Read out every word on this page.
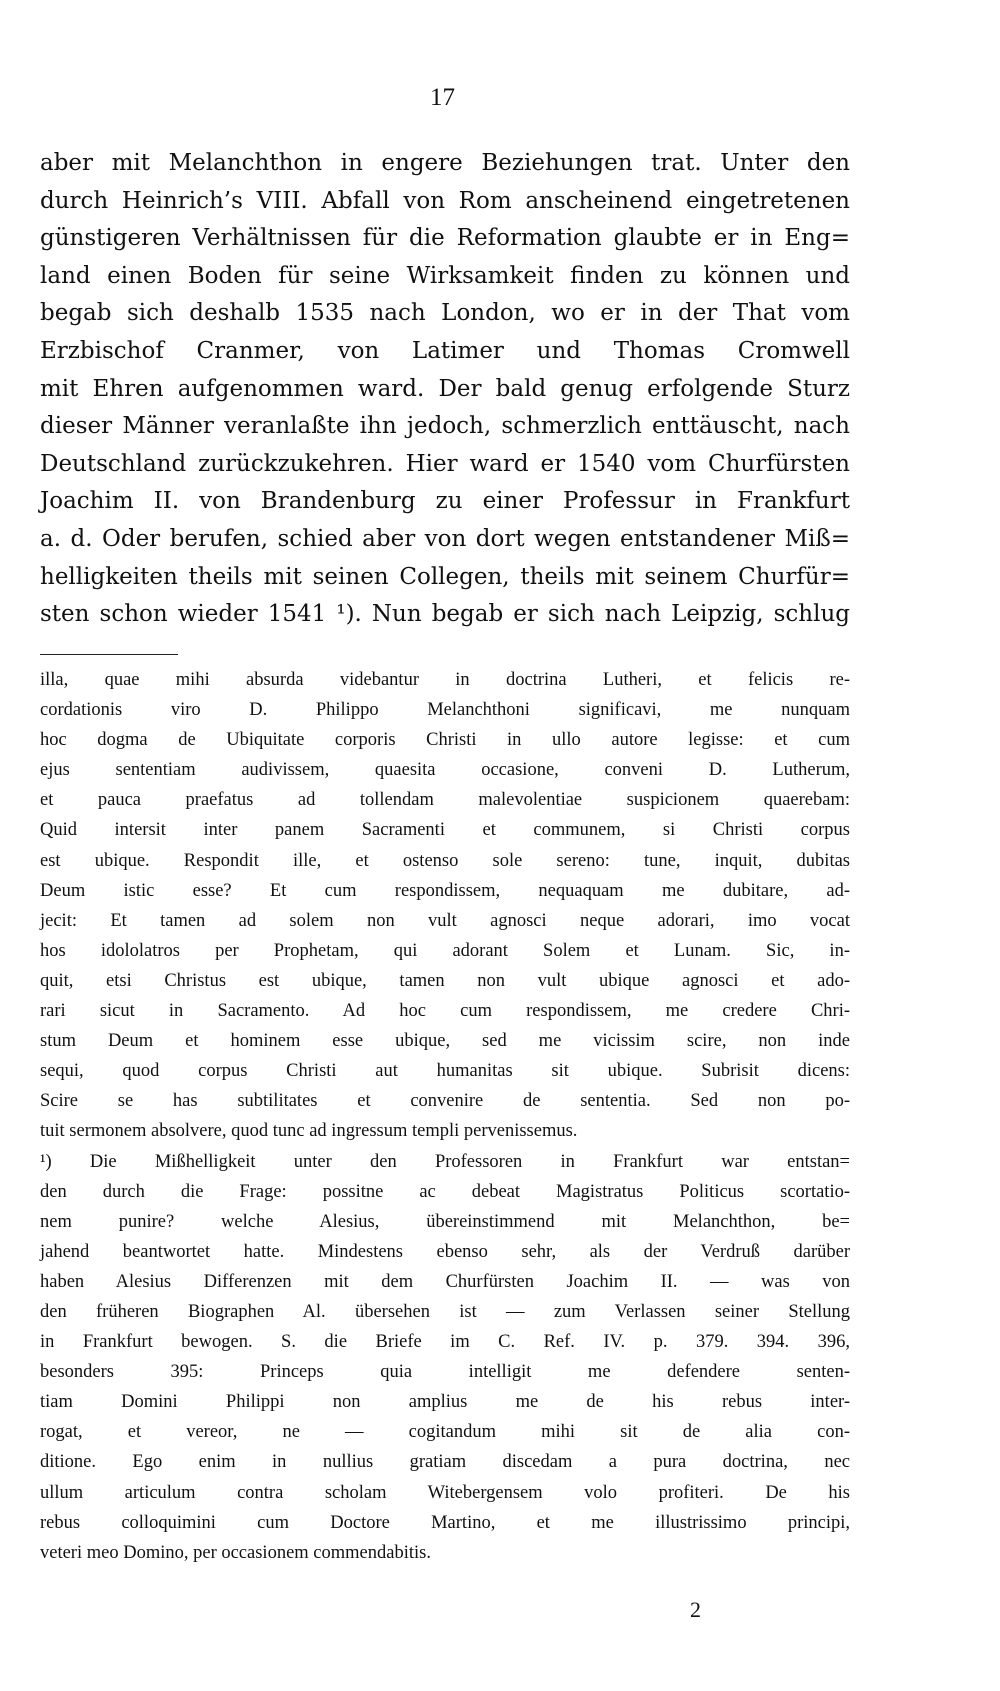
17
aber mit Melanchthon in engere Beziehungen trat. Unter den
durch Heinrich’s VIII. Abfall von Rom anscheinend eingetretenen
günstigeren Verhältnissen für die Reformation glaubte er in Eng=
land einen Boden für seine Wirksamkeit finden zu können und
begab sich deshalb 1535 nach London, wo er in der That vom
Erzbischof Cranmer, von Latimer und Thomas Cromwell
mit Ehren aufgenommen ward. Der bald genug erfolgende Sturz
dieser Männer veranlaßte ihn jedoch, schmerzlich enttäuscht, nach
Deutschland zurückzukehren. Hier ward er 1540 vom Churfürsten
Joachim II. von Brandenburg zu einer Professur in Frankfurt
a. d. Oder berufen, schied aber von dort wegen entstandener Miß=
helligkeiten theils mit seinen Collegen, theils mit seinem Churfür=
sten schon wieder 1541 ¹). Nun begab er sich nach Leipzig, schlug
illa, quae mihi absurda videbantur in doctrina Lutheri, et felicis re-
cordationis viro D. Philippo Melanchthoni significavi, me nunquam
hoc dogma de Ubiquitate corporis Christi in ullo autore legisse: et cum
ejus sententiam audivissem, quaesita occasione, conveni D. Lutherum,
et pauca praefatus ad tollendam malevolentiae suspicionem quaerebam:
Quid intersit inter panem Sacramenti et communem, si Christi corpus
est ubique. Respondit ille, et ostenso sole sereno: tune, inquit, dubitas
Deum istic esse? Et cum respondissem, nequaquam me dubitare, ad-
jecit: Et tamen ad solem non vult agnosci neque adorari, imo vocat
hos idololatros per Prophetam, qui adorant Solem et Lunam. Sic, in-
quit, etsi Christus est ubique, tamen non vult ubique agnosci et ado-
rari sicut in Sacramento. Ad hoc cum respondissem, me credere Chri-
stum Deum et hominem esse ubique, sed me vicissim scire, non inde
sequi, quod corpus Christi aut humanitas sit ubique. Subrisit dicens:
Scire se has subtilitates et convenire de sententia. Sed non po-
tuit sermonem absolvere, quod tunc ad ingressum templi pervenissemus.
¹) Die Mißhelligkeit unter den Professoren in Frankfurt war entstan=
den durch die Frage: possitne ac debeat Magistratus Politicus scortatio-
nem punire? welche Alesius, übereinstimmend mit Melanchthon, be=
jahend beantwortet hatte. Mindestens ebenso sehr, als der Verdruß darüber
haben Alesius Differenzen mit dem Churfürsten Joachim II. — was von
den früheren Biographen Al. übersehen ist — zum Verlassen seiner Stellung
in Frankfurt bewogen. S. die Briefe im C. Ref. IV. p. 379. 394. 396,
besonders 395: Princeps quia intelligit me defendere senten-
tiam Domini Philippi non amplius me de his rebus inter-
rogat, et vereor, ne — cogitandum mihi sit de alia con-
ditione. Ego enim in nullius gratiam discedam a pura doctrina, nec
ullum articulum contra scholam Witebergensem volo profiteri. De his
rebus colloquimini cum Doctore Martino, et me illustrissimo principi,
veteri meo Domino, per occasionem commendabitis.
2
